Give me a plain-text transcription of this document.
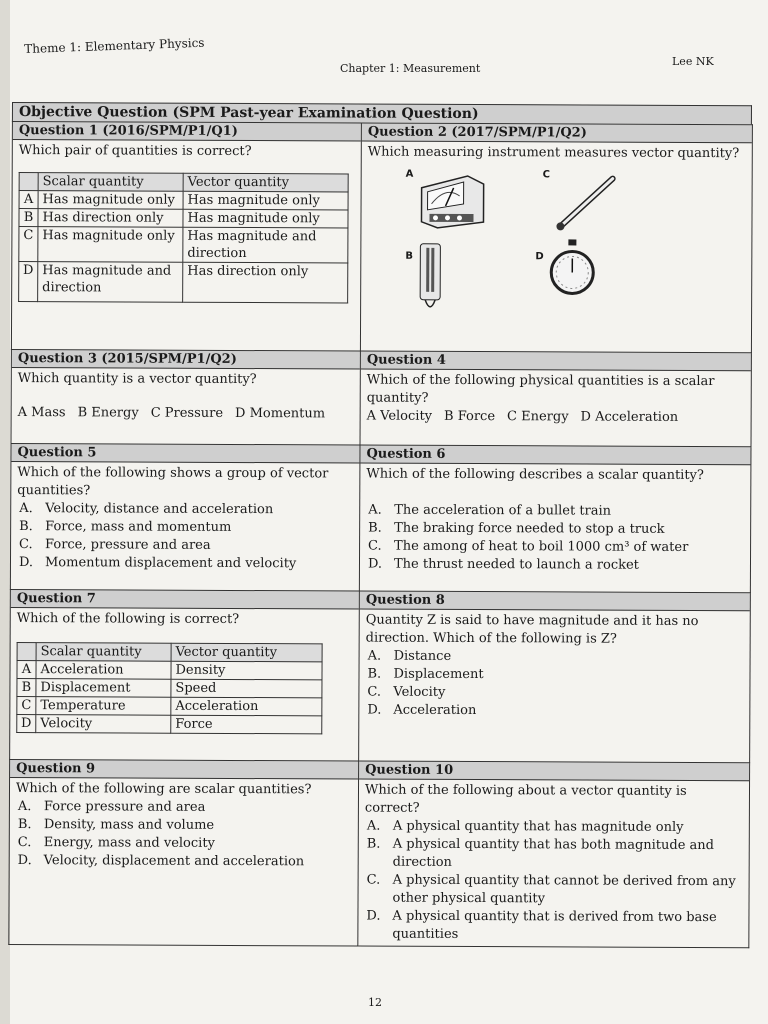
Theme 1: Elementary Physics
Chapter 1: Measurement
Lee NK
Objective Question (SPM Past-year Examination Question)
Question 1 (2016/SPM/P1/Q1)
Which pair of quantities is correct?
	Scalar quantity	Vector quantity
A	Has magnitude only	Has magnitude only
B	Has direction only	Has magnitude only
C	Has magnitude only	Has magnitude and direction
D	Has magnitude and direction	Has direction only

Question 2 (2017/SPM/P1/Q2)
Which measuring instrument measures vector quantity?
A	C
B	D

Question 3 (2015/SPM/P1/Q2)
Which quantity is a vector quantity?
A Mass B Energy C Pressure D Momentum

Question 4
Which of the following physical quantities is a scalar quantity?
A Velocity B Force C Energy D Acceleration

Question 5
Which of the following shows a group of vector quantities?
A. Velocity, distance and acceleration
B. Force, mass and momentum
C. Force, pressure and area
D. Momentum displacement and velocity

Question 6
Which of the following describes a scalar quantity?
A. The acceleration of a bullet train
B. The braking force needed to stop a truck
C. The among of heat to boil 1000 cm³ of water
D. The thrust needed to launch a rocket

Question 7
Which of the following is correct?
	Scalar quantity	Vector quantity
A	Acceleration	Density
B	Displacement	Speed
C	Temperature	Acceleration
D	Velocity	Force

Question 8
Quantity Z is said to have magnitude and it has no direction. Which of the following is Z?
A. Distance
B. Displacement
C. Velocity
D. Acceleration

Question 9
Which of the following are scalar quantities?
A. Force pressure and area
B. Density, mass and volume
C. Energy, mass and velocity
D. Velocity, displacement and acceleration

Question 10
Which of the following about a vector quantity is correct?
A. A physical quantity that has magnitude only
B. A physical quantity that has both magnitude and direction
C. A physical quantity that cannot be derived from any other physical quantity
D. A physical quantity that is derived from two base quantities
12
